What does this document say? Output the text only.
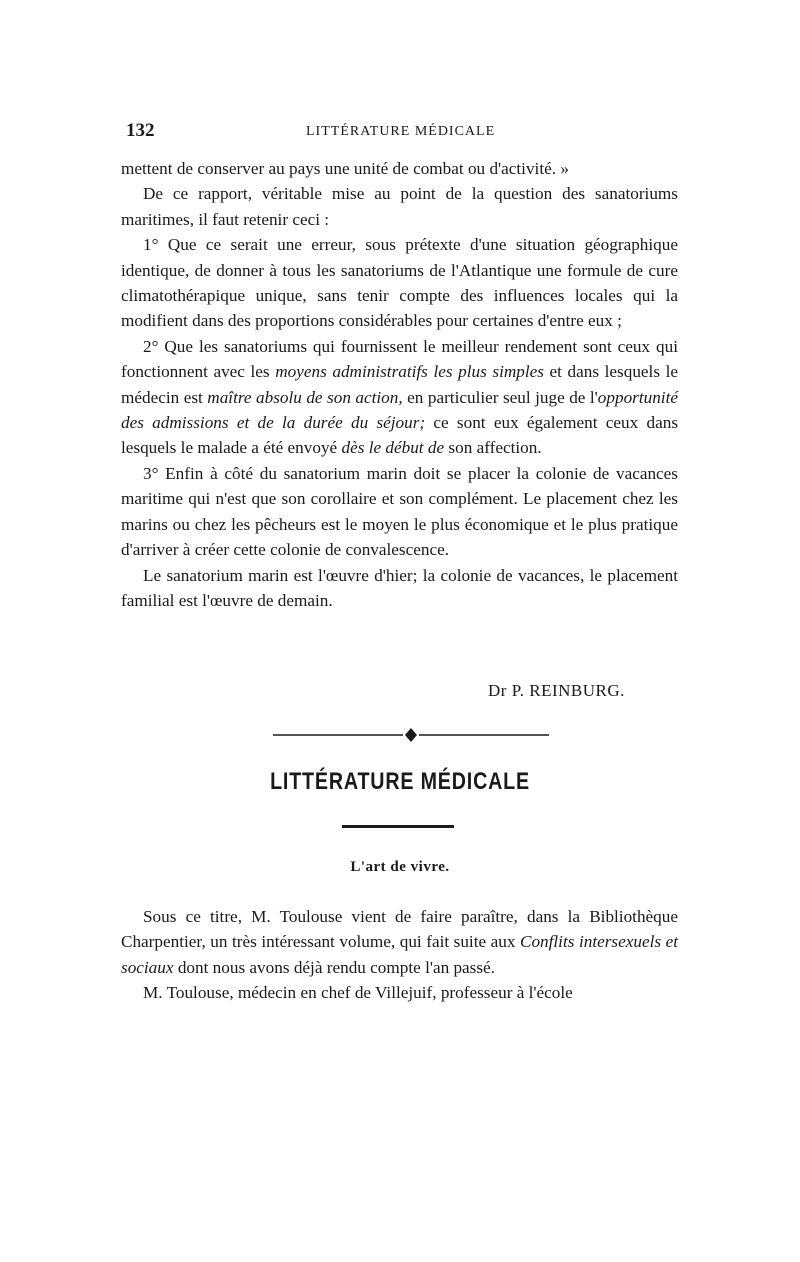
132	LITTÉRATURE MÉDICALE

mettent de conserver au pays une unité de combat ou d'activité. »

De ce rapport, véritable mise au point de la question des sanatoriums maritimes, il faut retenir ceci :

1° Que ce serait une erreur, sous prétexte d'une situation géographique identique, de donner à tous les sanatoriums de l'Atlantique une formule de cure climatothérapique unique, sans tenir compte des influences locales qui la modifient dans des proportions considérables pour certaines d'entre eux ;

2° Que les sanatoriums qui fournissent le meilleur rendement sont ceux qui fonctionnent avec les moyens administratifs les plus simples et dans lesquels le médecin est maître absolu de son action, en particulier seul juge de l'opportunité des admissions et de la durée du séjour; ce sont eux également ceux dans lesquels le malade a été envoyé dès le début de son affection.

3° Enfin à côté du sanatorium marin doit se placer la colonie de vacances maritime qui n'est que son corollaire et son complément. Le placement chez les marins ou chez les pêcheurs est le moyen le plus économique et le plus pratique d'arriver à créer cette colonie de convalescence.

Le sanatorium marin est l'œuvre d'hier; la colonie de vacances, le placement familial est l'œuvre de demain.

Dr P. REINBURG.
LITTÉRATURE MÉDICALE
L'art de vivre.

Sous ce titre, M. Toulouse vient de faire paraître, dans la Bibliothèque Charpentier, un très intéressant volume, qui fait suite aux Conflits intersexuels et sociaux dont nous avons déjà rendu compte l'an passé.

M. Toulouse, médecin en chef de Villejuif, professeur à l'école
